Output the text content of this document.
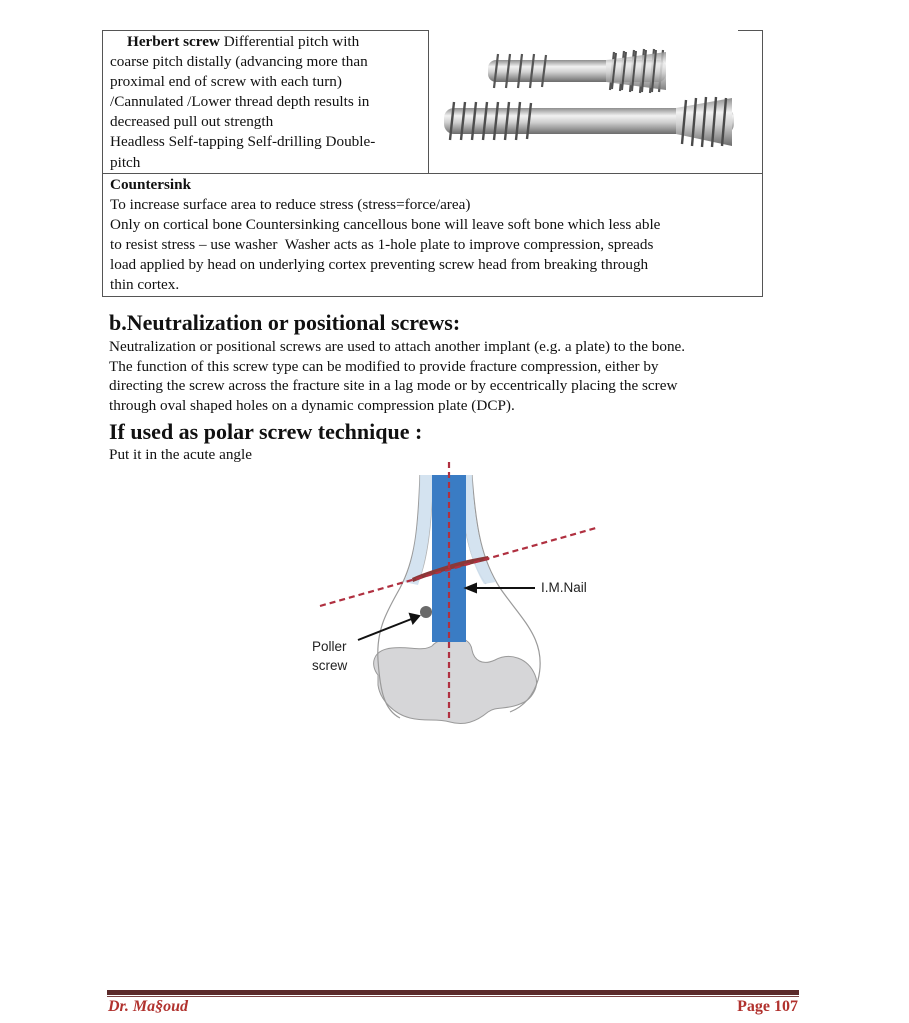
Herbert screw Differential pitch with
coarse pitch distally (advancing more than
proximal end of screw with each turn)
/Cannulated /Lower thread depth results in
decreased pull out strength
Headless Self-tapping Self-drilling Double-
pitch
Countersink
To increase surface area to reduce stress (stress=force/area)
Only on cortical bone Countersinking cancellous bone will leave soft bone which less able
to resist stress – use washer  Washer acts as 1-hole plate to improve compression, spreads
load applied by head on underlying cortex preventing screw head from breaking through
thin cortex.
b.Neutralization or positional screws:
Neutralization or positional screws are used to attach another implant (e.g. a plate) to the bone.
The function of this screw type can be modified to provide fracture compression, either by
directing the screw across the fracture site in a lag mode or by eccentrically placing the screw
through oval shaped holes on a dynamic compression plate (DCP).
If used as polar screw technique :
Put it in the acute angle
I.M.Nail
Poller
screw
Dr. Ma§oud	Page 107
